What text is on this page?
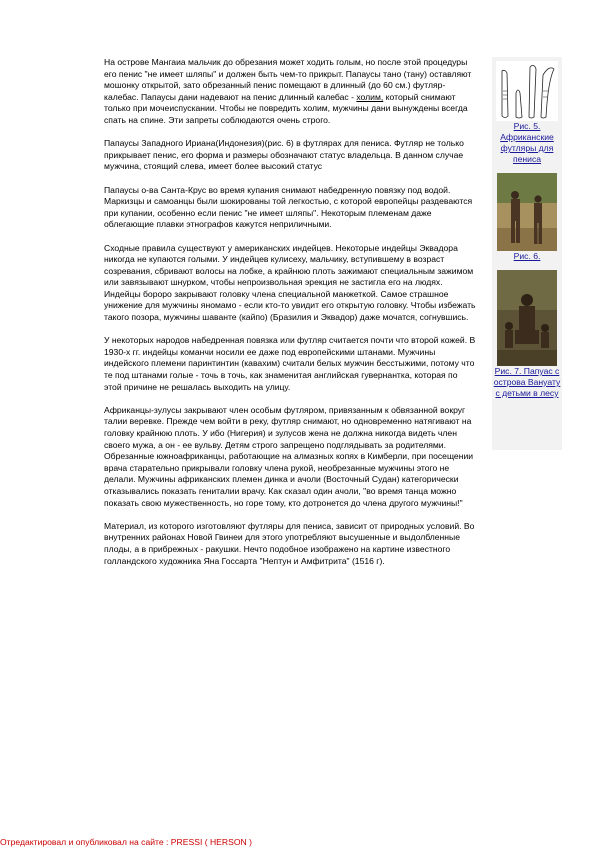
На острове Мангаиа мальчик до обрезания может ходить голым, но после этой процедуры его пенис "не имеет шляпы" и должен быть чем-то прикрыт. Папаусы тано (тану) оставляют мошонку открытой, зато обрезанный пенис помещают в длинный (до 60 см.) футляр-калебас. Папаусы дани надевают на пенис длинный калебас - холим, который снимают только при мочеиспускании. Чтобы не повредить холим, мужчины дани вынуждены всегда спать на спине. Эти запреты соблюдаются очень строго.

Папаусы Западного Ириана(Индонезия)(рис. 6) в футлярах для пениса. Футляр не только прикрывает пенис, его форма и размеры обозначают статус владельца. В данном случае мужчина, стоящий слева, имеет более высокий статус

Папаусы о-ва Санта-Крус во время купания снимают набедренную повязку под водой. Маркизцы и самоанцы были шокированы той легкостью, с которой европейцы раздеваются при купании, особенно если пенис "не имеет шляпы". Некоторым племенам даже облегающие плавки этнографов кажутся неприличными.

Сходные правила существуют у американских индейцев. Некоторые индейцы Эквадора никогда не купаются голыми. У индейцев кулисеху, мальчику, вступившему в возраст созревания, сбривают волосы на лобке, а крайнюю плоть зажимают специальным зажимом или завязывают шнурком, чтобы непроизвольная эрекция не застигла его на людях. Индейцы бороро закрывают головку члена специальной манжеткой. Самое страшное унижение для мужчины яномамо - если кто-то увидит его открытую головку. Чтобы избежать такого позора, мужчины шаванте (кайпо) (Бразилия и Эквадор) даже мочатся, согнувшись.

У некоторых народов набедренная повязка или футляр считается почти что второй кожей. В 1930-х гг. индейцы команчи носили ее даже под европейскими штанами. Мужчины индейского племени паринтинтин (кавахим) считали белых мужчин бесстыжими, потому что те под штанами голые - точь в точь, как знаменитая английская гувернантка, которая по этой причине не решалась выходить на улицу.

Африканцы-зулусы закрывают член особым футляром, привязанным к обвязанной вокруг талии веревке. Прежде чем войти в реку, футляр снимают, но одновременно натягивают на головку крайнюю плоть. У ибо (Нигерия) и зулусов жена не должна никогда видеть член своего мужа, а он - ее вульву. Детям строго запрещено подглядывать за родителями. Обрезанные южноафриканцы, работающие на алмазных копях в Кимберли, при посещении врача старательно прикрывали головку члена рукой, необрезанные мужчины этого не делали. Мужчины африканских племен динка и ачоли (Восточный Судан) категорически отказывались показать гениталии врачу. Как сказал один ачоли, "во время танца можно показать свою мужественность, но горе тому, кто дотронется до члена другого мужчины!"

Материал, из которого изготовляют футляры для пениса, зависит от природных условий. Во внутренних районах Новой Гвинеи для этого употребляют высушенные и выдолбленные плоды, а в прибрежных - ракушки. Нечто подобное изображено на картине известного голландского художника Яна Госсарта "Нептун и Амфитрита" (1516 г).

Рис. 5. Африканские футляры для пениса
Рис. 6.
Рис. 7. Папуас с острова Вануату с детьми в лесу
Отредактировал и опубликовал на сайте : PRESSI ( HERSON )
